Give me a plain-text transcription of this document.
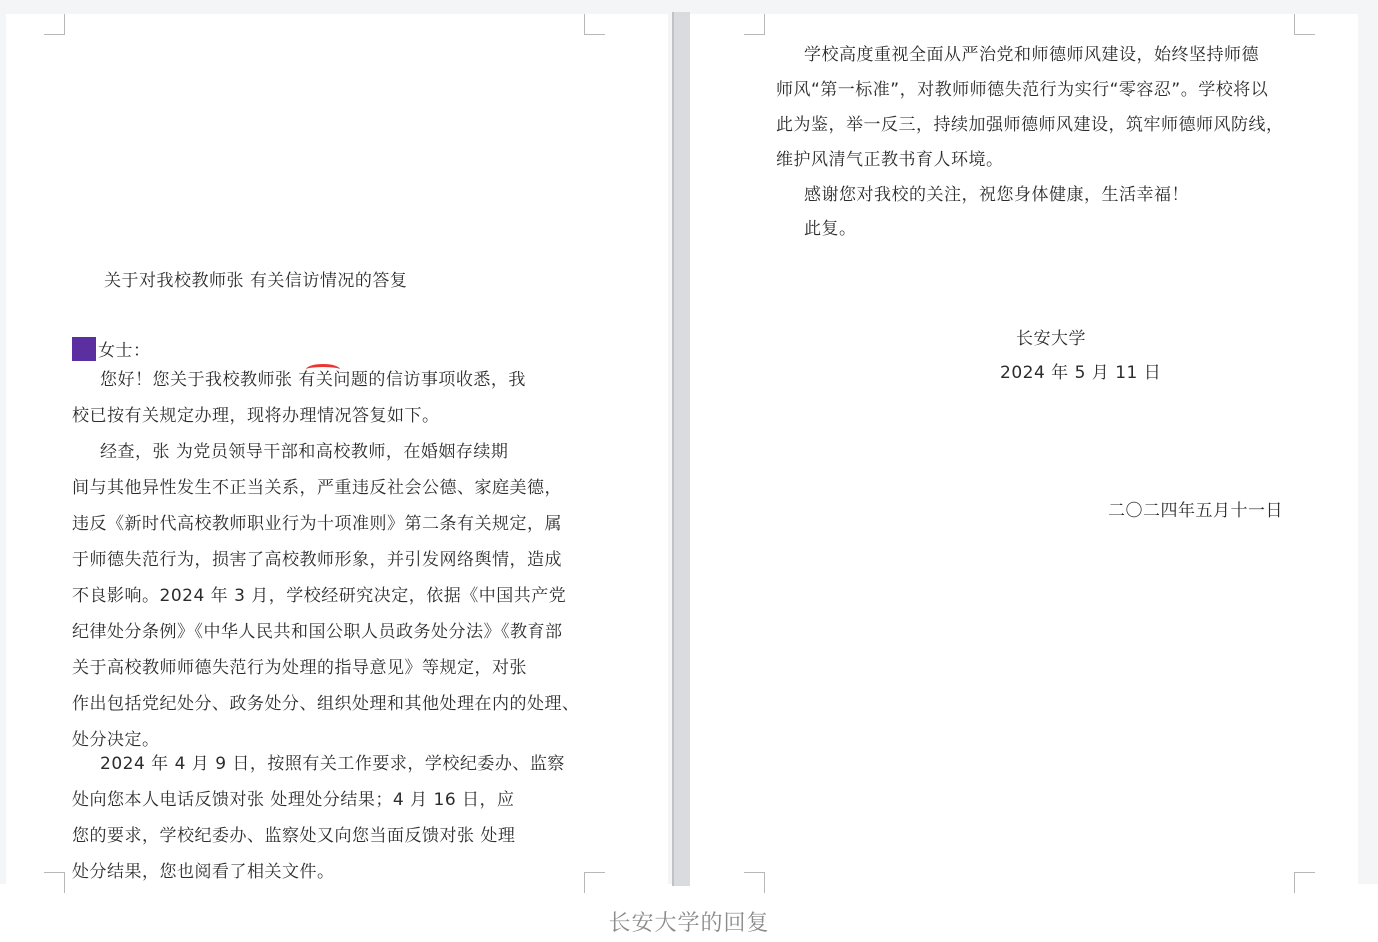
关于对我校教师张 有关信访情况的答复
女士：
您好！您关于我校教师张 有关问题的信访事项收悉，我
校已按有关规定办理，现将办理情况答复如下。
经查，张 为党员领导干部和高校教师，在婚姻存续期
间与其他异性发生不正当关系，严重违反社会公德、家庭美德，
违反《新时代高校教师职业行为十项准则》第二条有关规定，属
于师德失范行为，损害了高校教师形象，并引发网络舆情，造成
不良影响。2024 年 3 月，学校经研究决定，依据《中国共产党
纪律处分条例》《中华人民共和国公职人员政务处分法》《教育部
关于高校教师师德失范行为处理的指导意见》等规定，对张
作出包括党纪处分、政务处分、组织处理和其他处理在内的处理、
处分决定。
2024 年 4 月 9 日，按照有关工作要求，学校纪委办、监察
处向您本人电话反馈对张 处理处分结果；4 月 16 日，应
您的要求，学校纪委办、监察处又向您当面反馈对张 处理
处分结果，您也阅看了相关文件。
学校高度重视全面从严治党和师德师风建设，始终坚持师德
师风“第一标准”，对教师师德失范行为实行“零容忍”。学校将以
此为鉴，举一反三，持续加强师德师风建设，筑牢师德师风防线，
维护风清气正教书育人环境。
感谢您对我校的关注，祝您身体健康，生活幸福！
此复。
长安大学
2024 年 5 月 11 日
二〇二四年五月十一日
长安大学的回复
